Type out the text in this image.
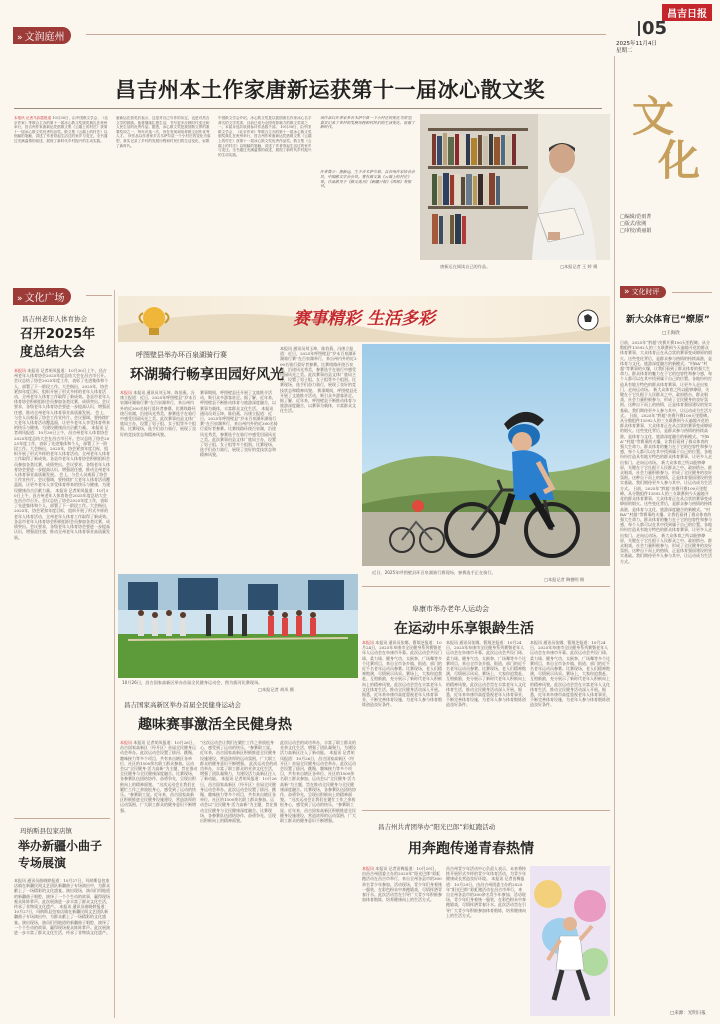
昌吉日报
05
2025年11月4日
星期二
» 文润庭州
昌吉州本土作家唐新运获第十一届冰心散文奖
本报讯 记者马彩霞报道 10月30日，由中国散文学会、《北京作家》等联合主办的第十一届冰心散文奖颁奖典礼在贵州举行，昌吉州作家唐新运凭借散文集《云端上的村庄》获第十一届冰心散文奖优秀作品奖。散文集《云端上的村庄》以细腻的笔触，讲述了作者背起生活过的家乡与变迁。全书通过充满温情的叙述，展现了新时代乡村振兴的生动实践。
唐新运在获奖后表示，这是对自己写作的肯定，也是对昌吉文学的鼓励。他将继续扎根生活，书写更多反映时代变迁和人民生活的优秀作品。据悉，冰心散文奖是我国散文界的重要奖项之一，每年评选一次，旨在发现和培养散文创作优秀人才。 该作品以作者家乡吉木萨尔县一个小村庄的变化为原型，真实记录了乡村的发展历程和村民们的生活变化，讴歌了新时代。
中国散文学会介绍，冰心散文奖是以我国著名作家冰心名字命名的文学奖项，目前已成为全国有影响力的散文奖项之一。本届评选共收到参评作品数千部。 10月30日，由中国散文学会、《北京作家》等联合主办的第十一届冰心散文奖颁奖典礼在贵州举行，昌吉州作家唐新运凭借散文集《云端上的村庄》获第十一届冰心散文奖优秀作品奖。散文集《云端上的村庄》以细腻的笔触，讲述了作者背起生活过的家乡与变迁。全书通过充满温情的叙述，展现了新时代乡村振兴的生动实践。
该作品以作者家乡吉木萨尔县一个小村庄的变化为原型，真实记录了乡村的发展历程和村民们的生活变化，讴歌了新时代。
作者简介：唐新运，生于吉木萨尔县，昌吉州作家协会会员，中国散文学会会员。著有散文集《云端上的村庄》等。作品散见于《散文选刊》《新疆日报》《西部》等报刊。
唐新运在阅读自己的作品。	□本报记者 王 婷 摄
文
化
□编辑/范雨菁
□版式/张刚
□审校/黄丽娟
» 文化时评
新大众体育已“燎原”
□王海欣
日前，2025年“黔超”决赛开赛100天里程碑。从分散组件13592人的三支联赛到今天遍地开花的群众体育赛事，大众体育正在从点状的赛事变成燎原的烟火。这些变化背后，是群众参与热情的持续高涨，是体育与文化、旅游深度融合的新模式。“村BA”“村超”等赛事的火爆，让我们看到了群众体育的强大生命力。群众体育的魅力在于它的包容性和参与感，每个人都可以在其中找到属于自己的位置。各地纷纷打造具有地方特色的群众体育赛事，让更多人走出家门、走向运动场。 新大众体育之所以能够燎原，关键在于它扎根于人民群众之中。政府搭台、群众唱戏，社会力量积极参与，形成了全民健身的良好氛围。这种自下而上的热情，正是体育强国建设的坚实基础。我们期待更多人参与其中，让运动成为生活方式。 日前，2025年“黔超”决赛开赛100天里程碑。从分散组件13592人的三支联赛到今天遍地开花的群众体育赛事，大众体育正在从点状的赛事变成燎原的烟火。这些变化背后，是群众参与热情的持续高涨，是体育与文化、旅游深度融合的新模式。“村BA”“村超”等赛事的火爆，让我们看到了群众体育的强大生命力。群众体育的魅力在于它的包容性和参与感，每个人都可以在其中找到属于自己的位置。各地纷纷打造具有地方特色的群众体育赛事，让更多人走出家门、走向运动场。 新大众体育之所以能够燎原，关键在于它扎根于人民群众之中。政府搭台、群众唱戏，社会力量积极参与，形成了全民健身的良好氛围。这种自下而上的热情，正是体育强国建设的坚实基础。我们期待更多人参与其中，让运动成为生活方式。 日前，2025年“黔超”决赛开赛100天里程碑。从分散组件13592人的三支联赛到今天遍地开花的群众体育赛事，大众体育正在从点状的赛事变成燎原的烟火。这些变化背后，是群众参与热情的持续高涨，是体育与文化、旅游深度融合的新模式。“村BA”“村超”等赛事的火爆，让我们看到了群众体育的强大生命力。群众体育的魅力在于它的包容性和参与感，每个人都可以在其中找到属于自己的位置。各地纷纷打造具有地方特色的群众体育赛事，让更多人走出家门、走向运动场。 新大众体育之所以能够燎原，关键在于它扎根于人民群众之中。政府搭台、群众唱戏，社会力量积极参与，形成了全民健身的良好氛围。这种自下而上的热情，正是体育强国建设的坚实基础。我们期待更多人参与其中，让运动成为生活方式。
□来源：光明日报
» 文化广场
昌吉州老年人体育协会
召开2025年度总结大会
本报讯 本报讯 记者胡凤报道：10月30日上午，昌吉州老年人体育协会2025年度总结大会在昌吉市召开。会议总结了协会2025年度工作，表彰了先进集体和个人，部署了下一阶段工作。大会指出，2025年，协会紧扣年度目标，组织开展了形式多样的老年人体育活动，全州老年人体育工作取得了新成效。各县市老年人体育协会积极组织会员参加各类比赛，成绩突出。会议要求，各级老年人体育协会要进一步提高认识，增强责任感，推动全州老年人体育事业高质量发展。 会上，与会人员观看了协会工作宣传片。会议强调，要持续扩大老年人体育活动覆盖面，让更多老年人享受体育带来的快乐与健康，为建设健康昌吉贡献力量。 本报讯 记者胡凤报道：10月30日上午，昌吉州老年人体育协会2025年度总结大会在昌吉市召开。会议总结了协会2025年度工作，表彰了先进集体和个人，部署了下一阶段工作。大会指出，2025年，协会紧扣年度目标，组织开展了形式多样的老年人体育活动，全州老年人体育工作取得了新成效。各县市老年人体育协会积极组织会员参加各类比赛，成绩突出。会议要求，各级老年人体育协会要进一步提高认识，增强责任感，推动全州老年人体育事业高质量发展。 会上，与会人员观看了协会工作宣传片。会议强调，要持续扩大老年人体育活动覆盖面，让更多老年人享受体育带来的快乐与健康，为建设健康昌吉贡献力量。 本报讯 记者胡凤报道：10月30日上午，昌吉州老年人体育协会2025年度总结大会在昌吉市召开。会议总结了协会2025年度工作，表彰了先进集体和个人，部署了下一阶段工作。大会指出，2025年，协会紧扣年度目标，组织开展了形式多样的老年人体育活动，全州老年人体育工作取得了新成效。各县市老年人体育协会积极组织会员参加各类比赛，成绩突出。会议要求，各级老年人体育协会要进一步提高认识，增强责任感，推动全州老年人体育事业高质量发展。
玛纳斯县包家店镇
举办新疆小曲子专场展演
本报讯 通讯员曲晓婷报道：10月27日，玛纳斯县包家店镇在新疆民间文艺团队新疆曲子专场演出中，为群众献上了一场精彩的文化盛宴。演出现场，演员们用地道的新疆曲子唱腔，演绎了一个个生动的故事，赢得现场观众阵阵掌声。此次展演进一步丰富了群众文化生活，传承了非物质文化遗产。 本报讯 通讯员曲晓婷报道：10月27日，玛纳斯县包家店镇在新疆民间文艺团队新疆曲子专场演出中，为群众献上了一场精彩的文化盛宴。演出现场，演员们用地道的新疆曲子唱腔，演绎了一个个生动的故事，赢得现场观众阵阵掌声。此次展演进一步丰富了群众文化生活，传承了非物质文化遗产。
赛事精彩 生活多彩
呼图壁县举办环百泉湖骑行赛
环湖骑行畅享田园好风光
本报讯 本报讯 通讯员刘玉坤、陈伯燕、冯康立报道：近日，2025年呼图壁县“岁末百泉湖环湖骑行赛”在百泉湖举行，来自州内外的近300名骑行爱好者参赛。比赛线路环绕百泉湖，沿途风光秀美，参赛选手在骑行中感受田园风光之美。此次赛事由县文体广旅局主办，设置了男子组、女子组等多个组别。比赛现场，选手们奋力骑行，展现了良好的竞技状态和精神风貌。
赛事期间，呼图壁县还开展了文旅推介活动，吸引众多游客驻足。据了解，近年来，呼图壁县不断推动体育与旅游深度融合，以赛事为载体，丰富群众文化生活。 本报讯 通讯员刘玉坤、陈伯燕、冯康立报道：近日，2025年呼图壁县“岁末百泉湖环湖骑行赛”在百泉湖举行，来自州内外的近300名骑行爱好者参赛。比赛线路环绕百泉湖，沿途风光秀美，参赛选手在骑行中感受田园风光之美。此次赛事由县文体广旅局主办，设置了男子组、女子组等多个组别。比赛现场，选手们奋力骑行，展现了良好的竞技状态和精神风貌。
本报讯 通讯员刘玉坤、陈伯燕、冯康立报道：近日，2025年呼图壁县“岁末百泉湖环湖骑行赛”在百泉湖举行，来自州内外的近300名骑行爱好者参赛。比赛线路环绕百泉湖，沿途风光秀美，参赛选手在骑行中感受田园风光之美。此次赛事由县文体广旅局主办，设置了男子组、女子组等多个组别。比赛现场，选手们奋力骑行，展现了良好的竞技状态和精神风貌。 赛事期间，呼图壁县还开展了文旅推介活动，吸引众多游客驻足。据了解，近年来，呼图壁县不断推动体育与旅游深度融合，以赛事为载体，丰富群众文化生活。
近日，2025年呼图壁县环百泉湖骑行赛现场，参赛选手正在骑行。
□本报记者 陶德明 摄
10月26日，昌吉国家高新区举办首届全民健身运动会，图为拔河比赛现场。
□本报记者 胡凤 摄
阜康市举办老年人运动会
在运动中乐享银龄生活
本报讯 本报讯 通讯员张娜、曹翔芝报道：10月24日，2025年阜康市全民健身系列赛暨老年人运动会在阜康市开幕。此次运动会共设门球、柔力球、健身气功、太极拳、广场舞等多个比赛项目，来自全市各乡镇、街道、部门的近千名老年运动员参赛。比赛现场，老人们精神饱满，尽情展示风采。赛场上，大家你追我赶、互相鼓励，充分展示了新时代老年人积极向上的精神风貌。此次运动会旨在丰富老年人文化体育生活，推动全民健身活动深入开展。据悉，近年来阜康市高度重视老年人体育事业，不断完善体育设施，为老年人参与体育锻炼创造良好条件。
本报讯 通讯员张娜、曹翔芝报道：10月24日，2025年阜康市全民健身系列赛暨老年人运动会在阜康市开幕。此次运动会共设门球、柔力球、健身气功、太极拳、广场舞等多个比赛项目，来自全市各乡镇、街道、部门的近千名老年运动员参赛。比赛现场，老人们精神饱满，尽情展示风采。赛场上，大家你追我赶、互相鼓励，充分展示了新时代老年人积极向上的精神风貌。此次运动会旨在丰富老年人文化体育生活，推动全民健身活动深入开展。据悉，近年来阜康市高度重视老年人体育事业，不断完善体育设施，为老年人参与体育锻炼创造良好条件。
本报讯 通讯员张娜、曹翔芝报道：10月24日，2025年阜康市全民健身系列赛暨老年人运动会在阜康市开幕。此次运动会共设门球、柔力球、健身气功、太极拳、广场舞等多个比赛项目，来自全市各乡镇、街道、部门的近千名老年运动员参赛。比赛现场，老人们精神饱满，尽情展示风采。赛场上，大家你追我赶、互相鼓励，充分展示了新时代老年人积极向上的精神风貌。此次运动会旨在丰富老年人文化体育生活，推动全民健身活动深入开展。据悉，近年来阜康市高度重视老年人体育事业，不断完善体育设施，为老年人参与体育锻炼创造良好条件。
昌吉国家高新区举办首届全民健身运动会
趣味赛事激活全民健身热
本报讯 本报讯 记者胡凤报道：10月26日，昌吉国家高新区（经开区）首届全民健身运动会举办。此次运动会设置了拔河、跳绳、趣味接力等多个项目，共有来自辖区各单位、社区的1500余名职工群众参加。运动会以“全民健身·活力高新”为主题，旨在推动全民健身与全民健康深度融合。比赛现场，各参赛队伍团结协作、奋勇争先，呈现出积极向上的精神面貌。 “这次运动会让我们在繁忙工作之余放松身心，感受到了运动的快乐。”参赛职工说。近年来，昌吉国家高新区积极推进全民健身设施建设，营造浓厚的运动氛围，广大职工群众的健身意识不断增强。
“这次运动会让我们在繁忙工作之余放松身心，感受到了运动的快乐。”参赛职工说。近年来，昌吉国家高新区积极推进全民健身设施建设，营造浓厚的运动氛围，广大职工群众的健身意识不断增强。 此次运动会的成功举办，丰富了职工群众的业余文化生活，增强了团队凝聚力，为建设活力高新区注入了新动能。 本报讯 记者胡凤报道：10月26日，昌吉国家高新区（经开区）首届全民健身运动会举办。此次运动会设置了拔河、跳绳、趣味接力等多个项目，共有来自辖区各单位、社区的1500余名职工群众参加。运动会以“全民健身·活力高新”为主题，旨在推动全民健身与全民健康深度融合。比赛现场，各参赛队伍团结协作、奋勇争先，呈现出积极向上的精神面貌。
此次运动会的成功举办，丰富了职工群众的业余文化生活，增强了团队凝聚力，为建设活力高新区注入了新动能。 本报讯 记者胡凤报道：10月26日，昌吉国家高新区（经开区）首届全民健身运动会举办。此次运动会设置了拔河、跳绳、趣味接力等多个项目，共有来自辖区各单位、社区的1500余名职工群众参加。运动会以“全民健身·活力高新”为主题，旨在推动全民健身与全民健康深度融合。比赛现场，各参赛队伍团结协作、奋勇争先，呈现出积极向上的精神面貌。 “这次运动会让我们在繁忙工作之余放松身心，感受到了运动的快乐。”参赛职工说。近年来，昌吉国家高新区积极推进全民健身设施建设，营造浓厚的运动氛围，广大职工群众的健身意识不断增强。
昌吉州共青团举办“阳光巴郎”彩虹跑活动
用奔跑传递青春热情
本报讯 本报讯 记者田梅报道：10月29日，由昌吉州团委主办的2025年“阳光巴郎”彩虹跑活动在昌吉市举行，来自全州各县市的300余名青少年参加。活动现场，青少年们身着统一服装，在彩色粉末中奔跑嬉戏，尽情挥洒青春汗水。此次活动旨在引导广大青少年积极参加体育锻炼，培养健康向上的生活方式。
昌吉州青少年活动中心负责人表示，未来将持续开展形式多样的青少年体育活动，为青少年健康成长营造良好环境。 本报讯 记者田梅报道：10月29日，由昌吉州团委主办的2025年“阳光巴郎”彩虹跑活动在昌吉市举行，来自全州各县市的300余名青少年参加。活动现场，青少年们身着统一服装，在彩色粉末中奔跑嬉戏，尽情挥洒青春汗水。此次活动旨在引导广大青少年积极参加体育锻炼，培养健康向上的生活方式。
